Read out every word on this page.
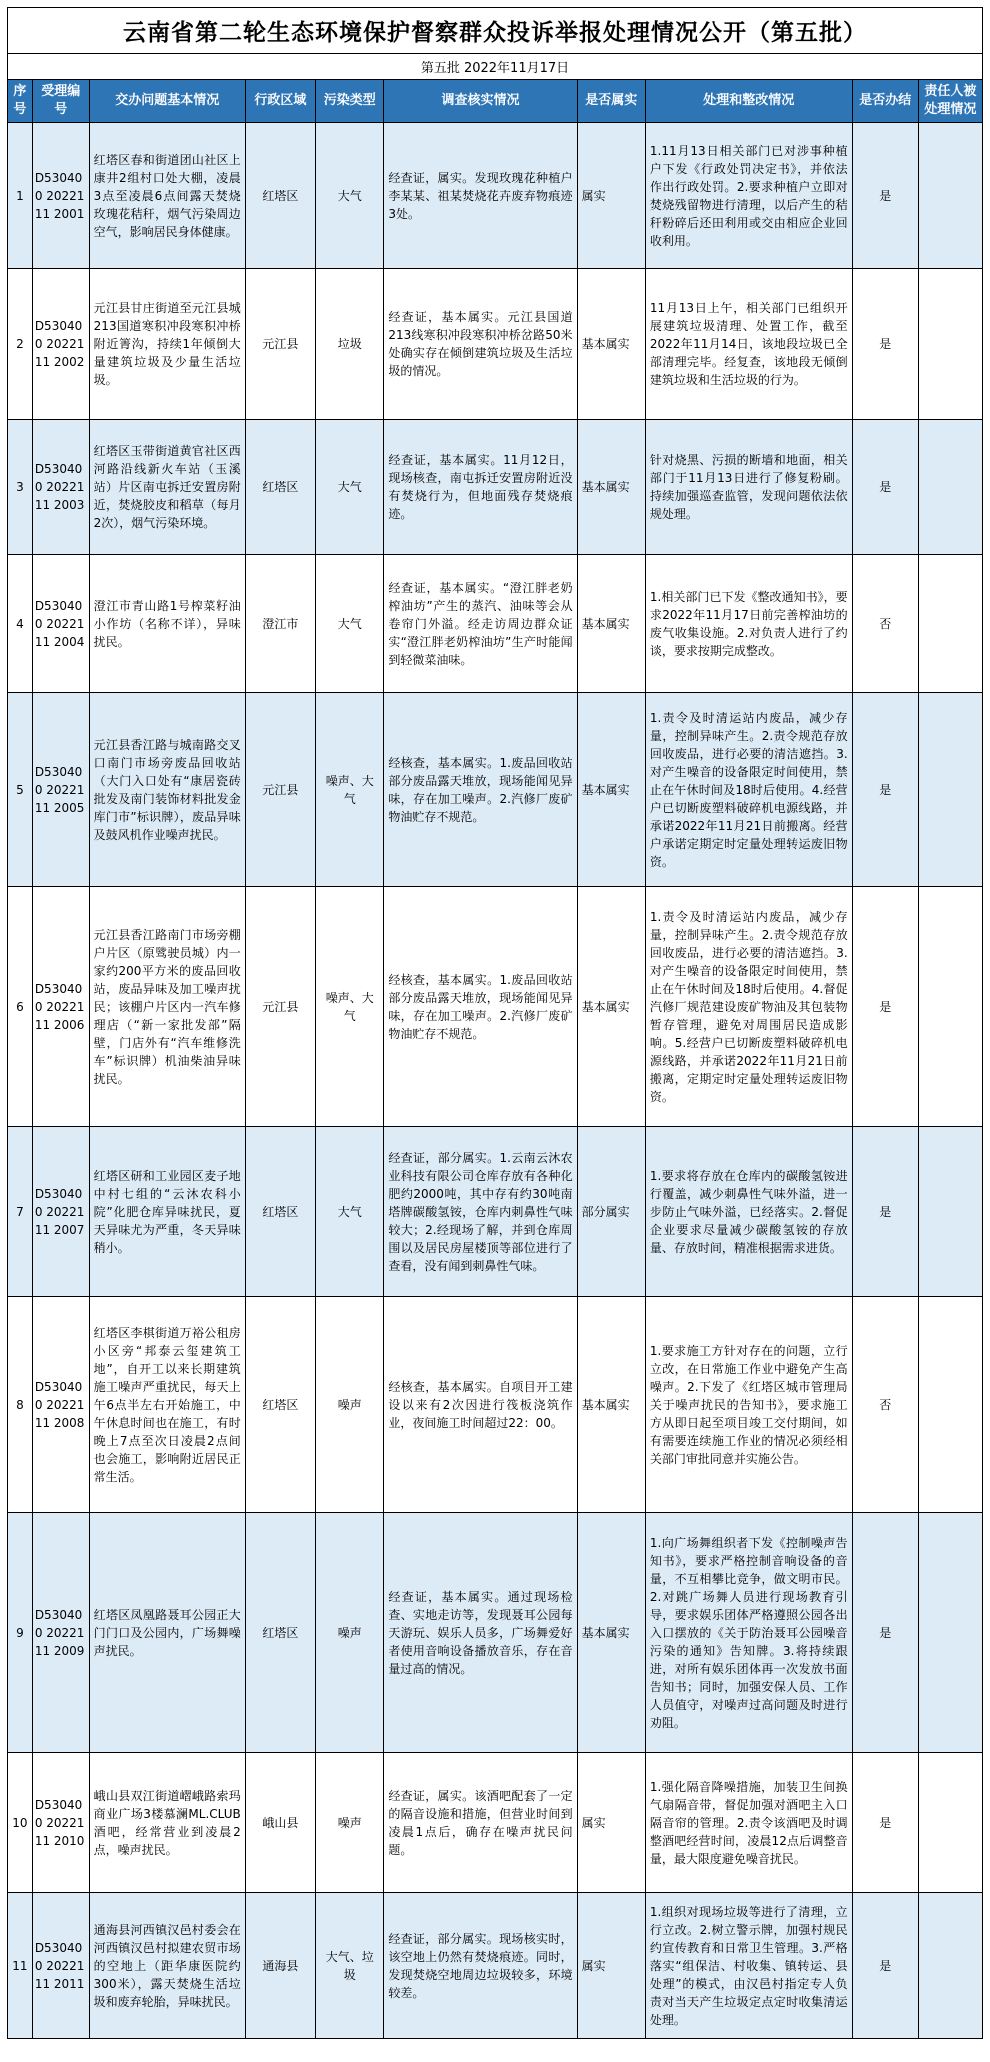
云南省第二轮生态环境保护督察群众投诉举报处理情况公开（第五批）
第五批 2022年11月17日
序号	受理编号	交办问题基本情况	行政区域	污染类型	调查核实情况	是否属实	处理和整改情况	是否办结	责任人被处理情况
1	D530400 2022111 2001	红塔区春和街道团山社区上康井2组村口处大棚，凌晨3点至凌晨6点间露天焚烧玫瑰花秸秆，烟气污染周边空气，影响居民身体健康。	红塔区	大气	经查证，属实。发现玫瑰花种植户李某某、祖某焚烧花卉废弃物痕迹3处。	属实	1.11月13日相关部门已对涉事种植户下发《行政处罚决定书》，并依法作出行政处罚。2.要求种植户立即对焚烧残留物进行清理，以后产生的秸秆粉碎后还田利用或交由相应企业回收利用。	是	
2	D530400 2022111 2002	元江县甘庄街道至元江县城213国道寒积冲段寒积冲桥附近箐沟，持续1年倾倒大量建筑垃圾及少量生活垃圾。	元江县	垃圾	经查证，基本属实。元江县国道213线寒积冲段寒积冲桥岔路50米处确实存在倾倒建筑垃圾及生活垃圾的情况。	基本属实	11月13日上午，相关部门已组织开展建筑垃圾清理、处置工作，截至2022年11月14日，该地段垃圾已全部清理完毕。经复查，该地段无倾倒建筑垃圾和生活垃圾的行为。	是	
3	D530400 2022111 2003	红塔区玉带街道黄官社区西河路沿线新火车站（玉溪站）片区南屯拆迁安置房附近，焚烧胶皮和稻草（每月2次），烟气污染环境。	红塔区	大气	经查证，基本属实。11月12日，现场核查，南屯拆迁安置房附近没有焚烧行为，但地面残存焚烧痕迹。	基本属实	针对烧黑、污损的断墙和地面，相关部门于11月13日进行了修复粉刷。持续加强巡查监管，发现问题依法依规处理。	是	
4	D530400 2022111 2004	澄江市青山路1号榨菜籽油小作坊（名称不详），异味扰民。	澄江市	大气	经查证，基本属实。“澄江胖老奶榨油坊”产生的蒸汽、油味等会从卷帘门外溢。经走访周边群众证实“澄江胖老奶榨油坊”生产时能闻到轻微菜油味。	基本属实	1.相关部门已下发《整改通知书》，要求2022年11月17日前完善榨油坊的废气收集设施。2.对负责人进行了约谈，要求按期完成整改。	否	
5	D530400 2022111 2005	元江县香江路与城南路交叉口南门市场旁废品回收站（大门入口处有“康居瓷砖批发及南门装饰材料批发金库门市”标识牌），废品异味及鼓风机作业噪声扰民。	元江县	噪声、大气	经核查，基本属实。1.废品回收站部分废品露天堆放，现场能闻见异味，存在加工噪声。2.汽修厂废矿物油贮存不规范。	基本属实	1.责令及时清运站内废品，减少存量，控制异味产生。2.责令规范存放回收废品，进行必要的清洁遮挡。3.对产生噪音的设备限定时间使用，禁止在午休时间及18时后使用。4.经营户已切断废塑料破碎机电源线路，并承诺2022年11月21日前搬离。经营户承诺定期定时定量处理转运废旧物资。	是	
6	D530400 2022111 2006	元江县香江路南门市场旁棚户片区（原骘驶员城）内一家约200平方米的废品回收站，废品异味及加工噪声扰民；该棚户片区内一汽车修理店（“新一家批发部”隔壁，门店外有“汽车维修洗车”标识牌）机油柴油异味扰民。	元江县	噪声、大气	经核查，基本属实。1.废品回收站部分废品露天堆放，现场能闻见异味，存在加工噪声。2.汽修厂废矿物油贮存不规范。	基本属实	1.责令及时清运站内废品，减少存量，控制异味产生。2.责令规范存放回收废品，进行必要的清洁遮挡。3.对产生噪音的设备限定时间使用，禁止在午休时间及18时后使用。4.督促汽修厂规范建设废矿物油及其包装物暂存管理，避免对周围居民造成影响。5.经营户已切断废塑料破碎机电源线路，并承诺2022年11月21日前搬离，定期定时定量处理转运废旧物资。	是	
7	D530400 2022111 2007	红塔区研和工业园区麦子地中村七组的“云沐农科小院”化肥仓库异味扰民，夏天异味尤为严重，冬天异味稍小。	红塔区	大气	经查证，部分属实。1.云南云沐农业科技有限公司仓库存放有各种化肥约2000吨，其中存有约30吨南塔牌碳酸氢铵，仓库内刺鼻性气味较大；2.经现场了解，并到仓库周围以及居民房屋楼顶等部位进行了查看，没有闻到刺鼻性气味。	部分属实	1.要求将存放在仓库内的碳酸氢铵进行覆盖，减少刺鼻性气味外溢，进一步防止气味外溢，已经落实。2.督促企业要求尽量减少碳酸氢铵的存放量、存放时间，精准根据需求进货。	是	
8	D530400 2022111 2008	红塔区李棋街道万裕公租房小区旁“邦泰云玺建筑工地”，自开工以来长期建筑施工噪声严重扰民，每天上午6点半左右开始施工，中午休息时间也在施工，有时晚上7点至次日凌晨2点间也会施工，影响附近居民正常生活。	红塔区	噪声	经核查，基本属实。自项目开工建设以来有2次因进行筏板浇筑作业，夜间施工时间超过22：00。	基本属实	1.要求施工方针对存在的问题，立行立改，在日常施工作业中避免产生高噪声。2.下发了《红塔区城市管理局关于噪声扰民的告知书》，要求施工方从即日起至项目竣工交付期间，如有需要连续施工作业的情况必须经相关部门审批同意并实施公告。	否	
9	D530400 2022111 2009	红塔区凤凰路聂耳公园正大门门口及公园内，广场舞噪声扰民。	红塔区	噪声	经查证，基本属实。通过现场检查、实地走访等，发现聂耳公园每天游玩、娱乐人员多，广场舞爱好者使用音响设备播放音乐，存在音量过高的情况。	基本属实	1.向广场舞组织者下发《控制噪声告知书》，要求严格控制音响设备的音量，不互相攀比竞争，做文明市民。2.对跳广场舞人员进行现场教育引导，要求娱乐团体严格遵照公园各出入口摆放的《关于防治聂耳公园噪音污染的通知》告知牌。3.将持续跟进，对所有娱乐团体再一次发放书面告知书；同时，加强安保人员、工作人员值守，对噪声过高问题及时进行劝阻。	是	
10	D530400 2022111 2010	峨山县双江街道嶍峨路索玛商业广场3楼慕澜ML.CLUB酒吧，经常营业到凌晨2点，噪声扰民。	峨山县	噪声	经查证，属实。该酒吧配套了一定的隔音设施和措施，但营业时间到凌晨1点后，确存在噪声扰民问题。	属实	1.强化隔音降噪措施，加装卫生间换气扇隔音带，督促加强对酒吧主入口隔音帘的管理。2.责令该酒吧及时调整酒吧经营时间，凌晨12点后调整音量，最大限度避免噪音扰民。	是	
11	D530400 2022111 2011	通海县河西镇汉邑村委会在河西镇汉邑村拟建农贸市场的空地上（距华康医院约300米），露天焚烧生活垃圾和废弃轮胎，异味扰民。	通海县	大气、垃圾	经查证，部分属实。现场核实时，该空地上仍然有焚烧痕迹。同时，发现焚烧空地周边垃圾较多，环境较差。	属实	1.组织对现场垃圾等进行了清理，立行立改。2.树立警示牌，加强村规民约宣传教育和日常卫生管理。3.严格落实“组保洁、村收集、镇转运、县处理”的模式，由汉邑村指定专人负责对当天产生垃圾定点定时收集清运处理。	是	
